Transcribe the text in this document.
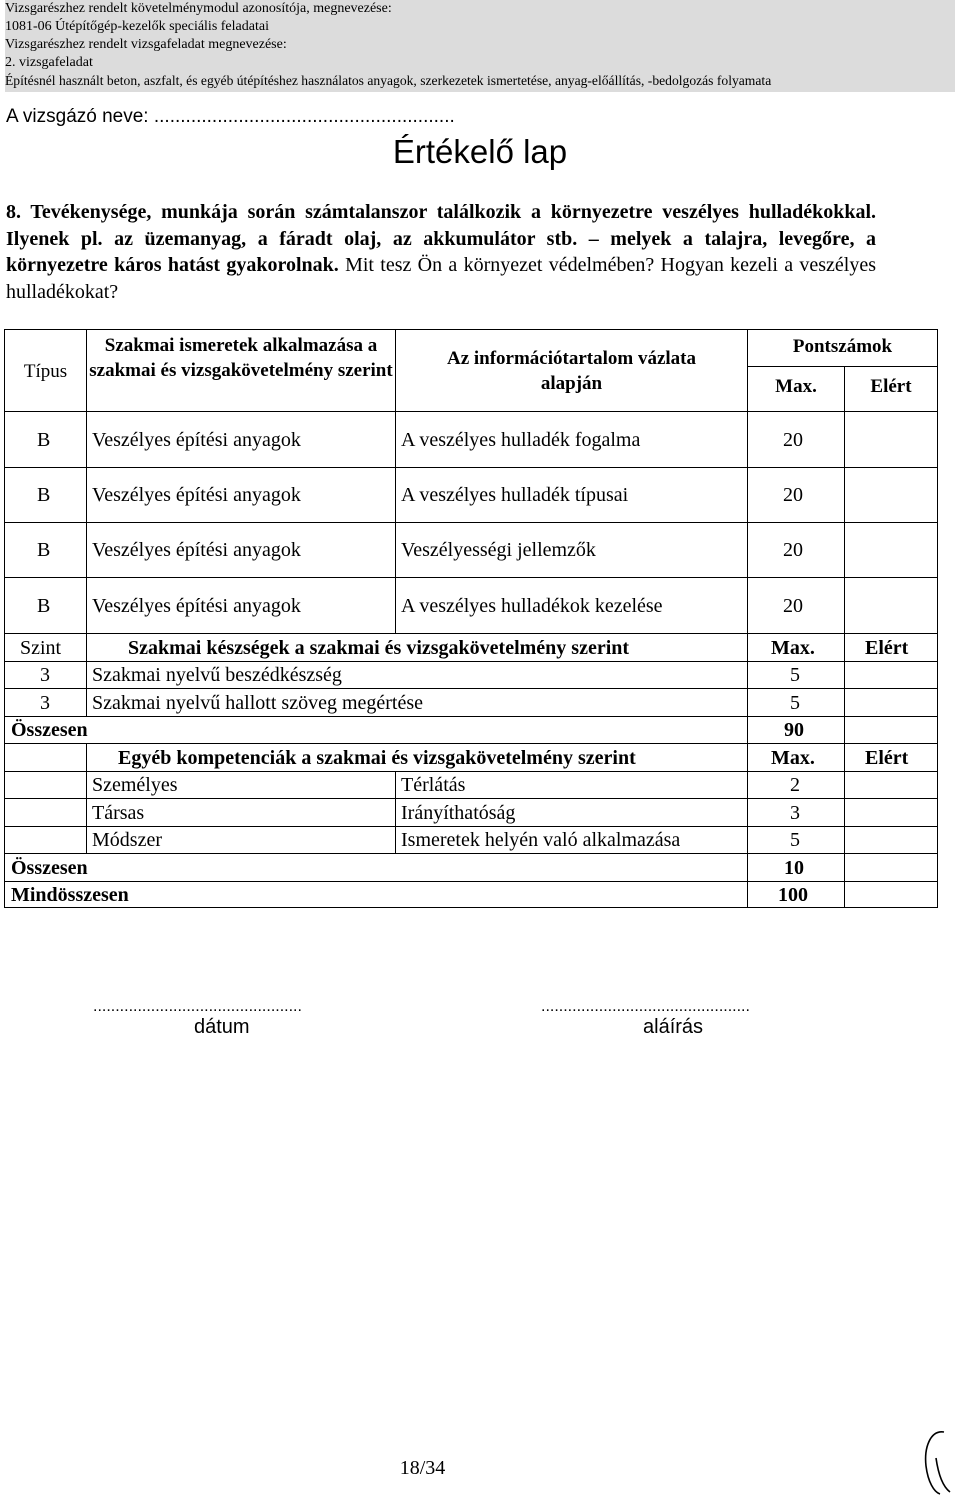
Vizsgarészhez rendelt követelménymodul azonosítója, megnevezése:
1081-06 Útépítőgép-kezelők speciális feladatai
Vizsgarészhez rendelt vizsgafeladat megnevezése:
2. vizsgafeladat
Építésnél használt beton, aszfalt, és egyéb útépítéshez használatos anyagok, szerkezetek ismertetése, anyag-előállítás, -bedolgozás folyamata
A vizsgázó neve: .........................................................
Értékelő lap
8. Tevékenysége, munkája során számtalanszor találkozik a környezetre veszélyes hulladékokkal. Ilyenek pl. az üzemanyag, a fáradt olaj, az akkumulátor stb. – melyek a talajra, levegőre, a környezetre káros hatást gyakorolnak. Mit tesz Ön a környezet védelmében? Hogyan kezeli a veszélyes hulladékokat?
Típus
Szakmai ismeretek alkalmazása a szakmai és vizsgakövetelmény szerint
Az információtartalom vázlata alapján
Pontszámok
Max.	Elért
B Veszélyes építési anyagok	A veszélyes hulladék fogalma	20
B Veszélyes építési anyagok	A veszélyes hulladék típusai	20
B Veszélyes építési anyagok	Veszélyességi jellemzők	20
B Veszélyes építési anyagok	A veszélyes hulladékok kezelése	20
Szint	Szakmai készségek a szakmai és vizsgakövetelmény szerint	Max.	Elért
3 Szakmai nyelvű beszédkészség	5
3 Szakmai nyelvű hallott szöveg megértése	5
Összesen	90
Egyéb kompetenciák a szakmai és vizsgakövetelmény szerint	Max.	Elért
Személyes	Térlátás	2
Társas	Irányíthatóság	3
Módszer	Ismeretek helyén való alkalmazása	5
Összesen	10
Mindösszesen	100
...............................................
dátum
...............................................
aláírás
18/34
